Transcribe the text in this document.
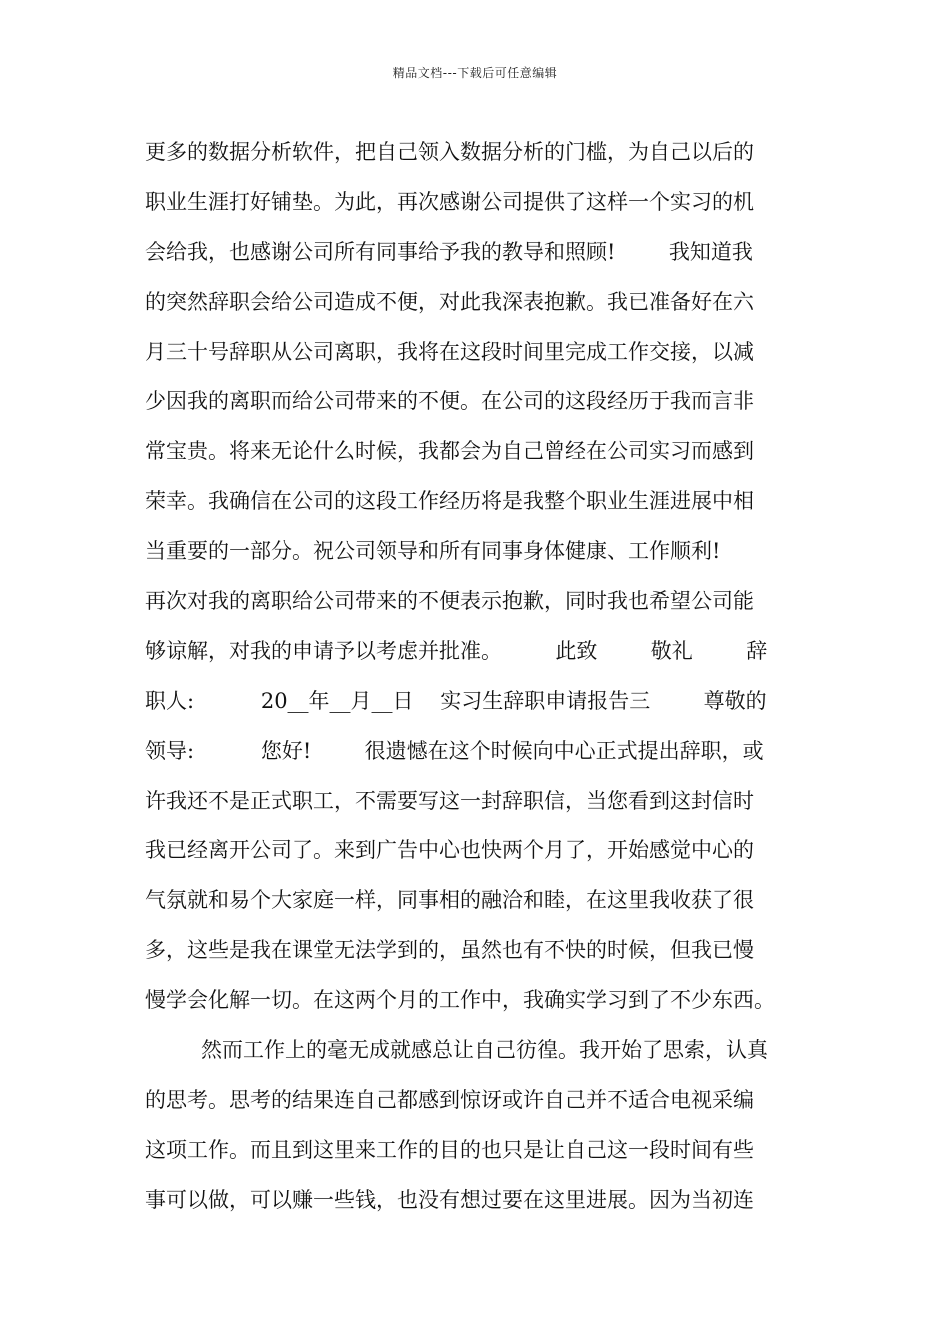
精品文档---下载后可任意编辑
更多的数据分析软件，把自己领入数据分析的门槛，为自己以后的
职业生涯打好铺垫。为此，再次感谢公司提供了这样一个实习的机
会给我，也感谢公司所有同事给予我的教导和照顾!        我知道我
的突然辞职会给公司造成不便，对此我深表抱歉。我已准备好在六
月三十号辞职从公司离职，我将在这段时间里完成工作交接，以减
少因我的离职而给公司带来的不便。在公司的这段经历于我而言非
常宝贵。将来无论什么时候，我都会为自己曾经在公司实习而感到
荣幸。我确信在公司的这段工作经历将是我整个职业生涯进展中相
当重要的一部分。祝公司领导和所有同事身体健康、工作顺利!
再次对我的离职给公司带来的不便表示抱歉，同时我也希望公司能
够谅解，对我的申请予以考虑并批准。        此致        敬礼        辞
职人:          20__年__月__日    实习生辞职申请报告三        尊敬的
领导:          您好!        很遗憾在这个时候向中心正式提出辞职，或
许我还不是正式职工，不需要写这一封辞职信，当您看到这封信时
我已经离开公司了。来到广告中心也快两个月了，开始感觉中心的
气氛就和易个大家庭一样，同事相的融洽和睦，在这里我收获了很
多，这些是我在课堂无法学到的，虽然也有不快的时候，但我已慢
慢学会化解一切。在这两个月的工作中，我确实学习到了不少东西。
然而工作上的毫无成就感总让自己彷徨。我开始了思索，认真
的思考。思考的结果连自己都感到惊讶或许自己并不适合电视采编
这项工作。而且到这里来工作的目的也只是让自己这一段时间有些
事可以做，可以赚一些钱，也没有想过要在这里进展。因为当初连
